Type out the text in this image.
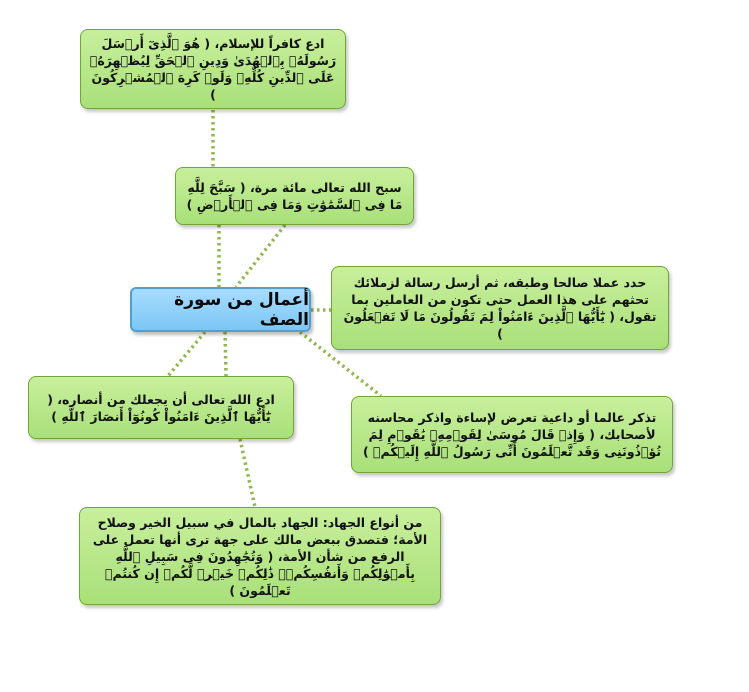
ادع كافراً للإسلام، ( هُوَ ٱلَّذِىٓ أَرۡسَلَ رَسُولَهُۥ بِٱلۡهُدَىٰ وَدِينِ ٱلۡحَقِّ لِيُظۡهِرَهُۥ عَلَى ٱلدِّينِ كُلِّهِۦ وَلَوۡ كَرِهَ ٱلۡمُشۡرِكُونَ )
سبح الله تعالى مائة مرة، ( سَبَّحَ لِلَّهِ مَا فِى ٱلسَّمَٰوَٰتِ وَمَا فِى ٱلۡأَرۡضِ )
أعمال من سورة الصف
حدد عملا صالحا وطبقه، ثم أرسل رسالة لزملائك تحثهم على هذا العمل حتى تكون من العاملين بما تقول، ( يَٰٓأَيُّهَا ٱلَّذِينَ ءَامَنُواْ لِمَ تَقُولُونَ مَا لَا تَفۡعَلُونَ )
ادع الله تعالى أن يجعلك من أنصاره، ( يَٰٓأَيُّهَا ٱلَّذِينَ ءَامَنُواْ كُونُوٓاْ أَنصَارَ ٱللَّهِ )	تذكر عالما أو داعية تعرض لإساءة واذكر محاسنه لأصحابك، ( وَإِذۡ قَالَ مُوسَىٰ لِقَوۡمِهِۦ يَٰقَوۡمِ لِمَ تُؤۡذُونَنِى وَقَد تَّعۡلَمُونَ أَنِّى رَسُولُ ٱللَّهِ إِلَيۡكُمۡ )
من أنواع الجهاد: الجهاد بالمال في سبيل الخير وصلاح الأمة؛ فتصدق ببعض مالك على جهة ترى أنها تعمل على الرفع من شأن الأمة، ( وَتُجَٰهِدُونَ فِى سَبِيلِ ٱللَّهِ بِأَمۡوَٰلِكُمۡ وَأَنفُسِكُمۡۚ ذَٰلِكُمۡ خَيۡرٞ لَّكُمۡ إِن كُنتُمۡ تَعۡلَمُونَ )
